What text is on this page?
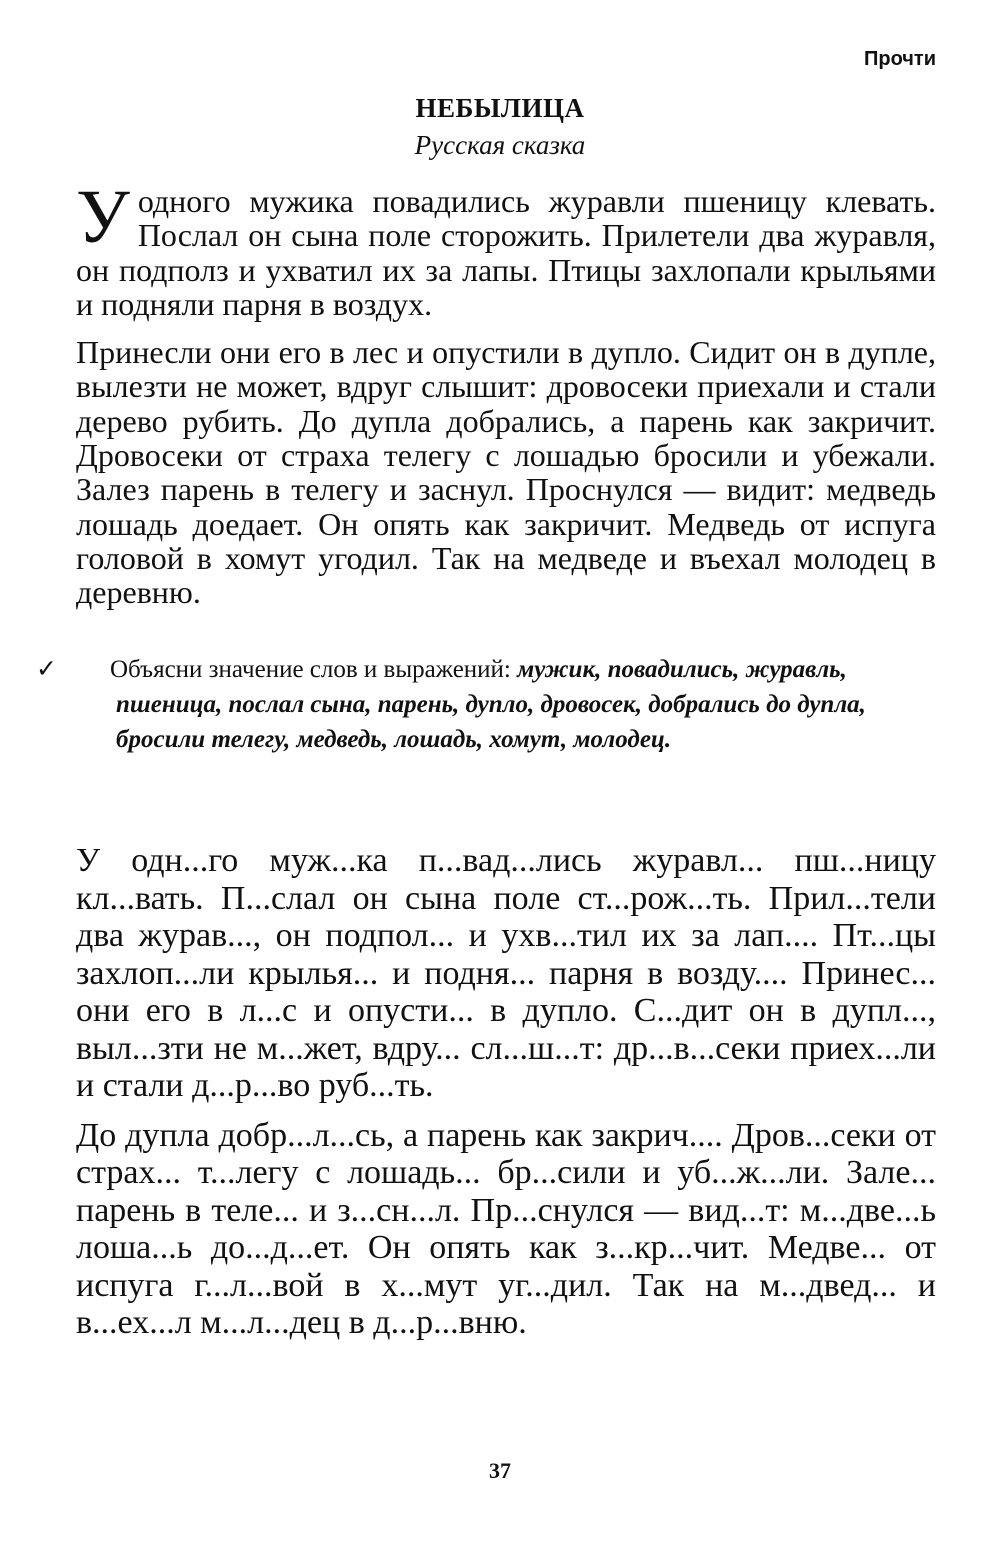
Прочти
НЕБЫЛИЦА
Русская сказка

У одного мужика повадились журавли пшеницу клевать. Послал он сына поле сторожить. Прилетели два журавля, он подполз и ухватил их за лапы. Птицы захлопали крыльями и подняли парня в воздух.

Принесли они его в лес и опустили в дупло. Сидит он в дупле, вылезти не может, вдруг слышит: дровосеки приехали и стали дерево рубить. До дупла добрались, а парень как закричит. Дровосеки от страха телегу с лошадью бросили и убежали. Залез парень в телегу и заснул. Проснулся — видит: медведь лошадь доедает. Он опять как закричит. Медведь от испуга головой в хомут угодил. Так на медведе и въехал молодец в деревню.

✓ Объясни значение слов и выражений: мужик, повадились, журавль, пшеница, послал сына, парень, дупло, дровосек, добрались до дупла, бросили телегу, медведь, лошадь, хомут, молодец.

У одн...го муж...ка п...вад...лись журавл... пш...ницу кл...вать. П...слал он сына поле ст...рож...ть. Прил...тели два журав..., он подпол... и ухв...тил их за лап.... Пт...цы захлоп...ли крылья... и подня... парня в возду.... Принес... они его в л...с и опусти... в дупло. С...дит он в дупл..., выл...зти не м...жет, вдру... сл...ш...т: др...в...секи приех...ли и стали д...р...во руб...ть.

До дупла добр...л...сь, а парень как закрич.... Дров...секи от страх... т...легу с лошадь... бр...сили и уб...ж...ли. Зале... парень в теле... и з...сн...л. Пр...снулся — вид...т: м...две...ь лоша...ь до...д...ет. Он опять как з...кр...чит. Медве... от испуга г...л...вой в х...мут уг...дил. Так на м...двед... и в...ех...л м...л...дец в д...р...вню.

37
